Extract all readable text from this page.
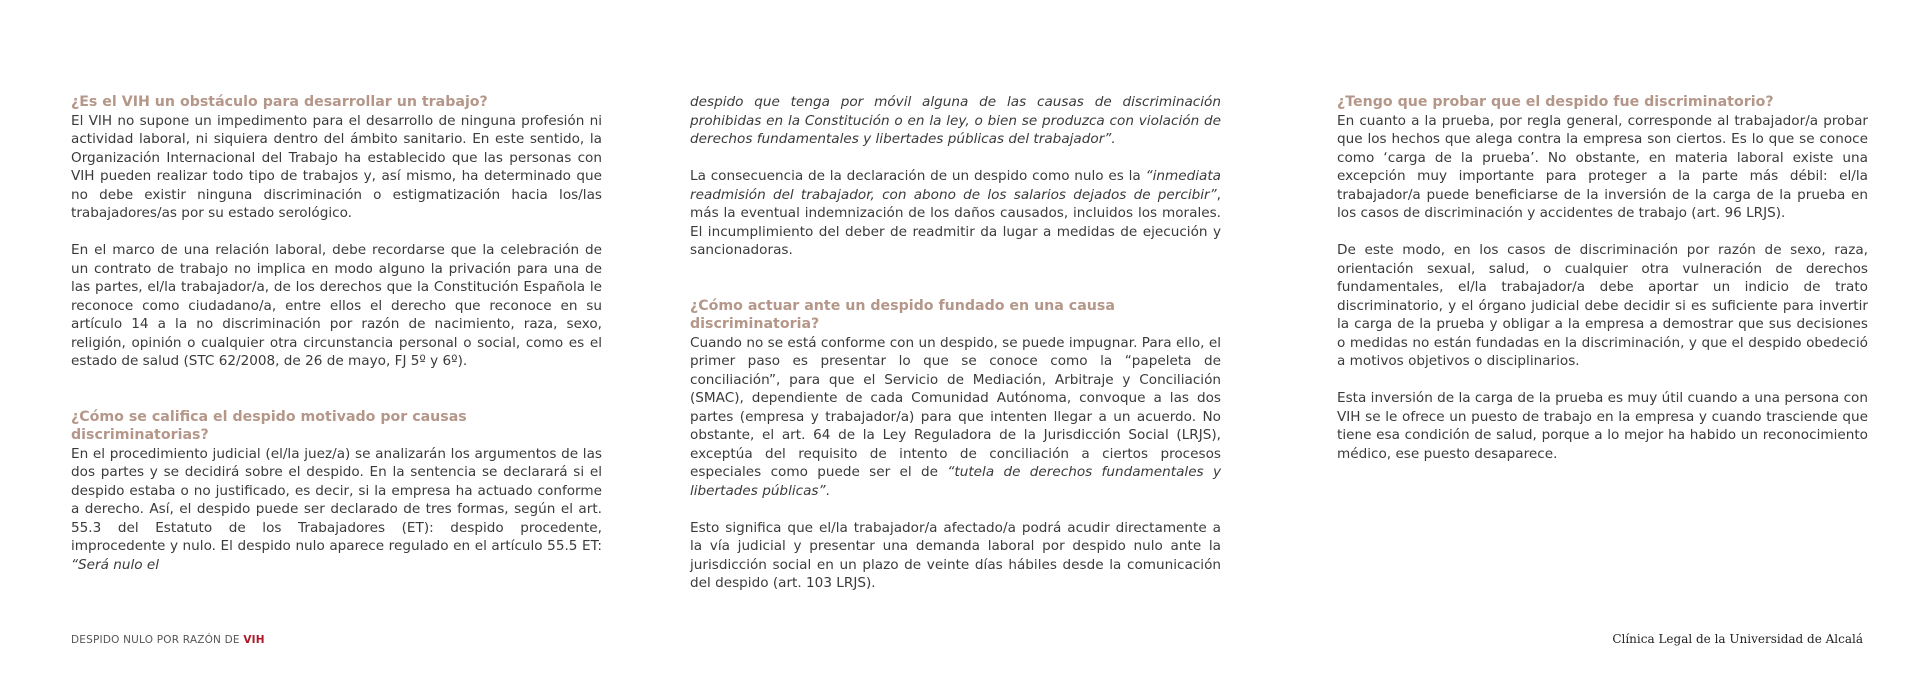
¿Es el VIH un obstáculo para desarrollar un trabajo?

El VIH no supone un impedimento para el desarrollo de ninguna profesión ni actividad laboral, ni siquiera dentro del ámbito sanitario. En este sentido, la Organización Internacional del Trabajo ha establecido que las personas con VIH pueden realizar todo tipo de trabajos y, así mismo, ha determinado que no debe existir ninguna discriminación o estigmatización hacia los/las trabajadores/as por su estado serológico.

En el marco de una relación laboral, debe recordarse que la celebración de un contrato de trabajo no implica en modo alguno la privación para una de las partes, el/la trabajador/a, de los derechos que la Constitución Española le reconoce como ciudadano/a, entre ellos el derecho que reconoce en su artículo 14 a la no discriminación por razón de nacimiento, raza, sexo, religión, opinión o cualquier otra circunstancia personal o social, como es el estado de salud (STC 62/2008, de 26 de mayo, FJ 5º y 6º).

¿Cómo se califica el despido motivado por causas discriminatorias?

En el procedimiento judicial (el/la juez/a) se analizarán los argumentos de las dos partes y se decidirá sobre el despido. En la sentencia se declarará si el despido estaba o no justificado, es decir, si la empresa ha actuado conforme a derecho. Así, el despido puede ser declarado de tres formas, según el art. 55.3 del Estatuto de los Trabajadores (ET): despido procedente, improcedente y nulo. El despido nulo aparece regulado en el artículo 55.5 ET: “Será nulo el

despido que tenga por móvil alguna de las causas de discriminación prohibidas en la Constitución o en la ley, o bien se produzca con violación de derechos fundamentales y libertades públicas del trabajador”.

La consecuencia de la declaración de un despido como nulo es la “inmediata readmisión del trabajador, con abono de los salarios dejados de percibir”, más la eventual indemnización de los daños causados, incluidos los morales. El incumplimiento del deber de readmitir da lugar a medidas de ejecución y sancionadoras.

¿Cómo actuar ante un despido fundado en una causa discriminatoria?

Cuando no se está conforme con un despido, se puede impugnar. Para ello, el primer paso es presentar lo que se conoce como la “papeleta de conciliación”, para que el Servicio de Mediación, Arbitraje y Conciliación (SMAC), dependiente de cada Comunidad Autónoma, convoque a las dos partes (empresa y trabajador/a) para que intenten llegar a un acuerdo. No obstante, el art. 64 de la Ley Reguladora de la Jurisdicción Social (LRJS), exceptúa del requisito de intento de conciliación a ciertos procesos especiales como puede ser el de “tutela de derechos fundamentales y libertades públicas”.

Esto significa que el/la trabajador/a afectado/a podrá acudir directamente a la vía judicial y presentar una demanda laboral por despido nulo ante la jurisdicción social en un plazo de veinte días hábiles desde la comunicación del despido (art. 103 LRJS).

¿Tengo que probar que el despido fue discriminatorio?

En cuanto a la prueba, por regla general, corresponde al trabajador/a probar que los hechos que alega contra la empresa son ciertos. Es lo que se conoce como ‘carga de la prueba’. No obstante, en materia laboral existe una excepción muy importante para proteger a la parte más débil: el/la trabajador/a puede beneficiarse de la inversión de la carga de la prueba en los casos de discriminación y accidentes de trabajo (art. 96 LRJS).

De este modo, en los casos de discriminación por razón de sexo, raza, orientación sexual, salud, o cualquier otra vulneración de derechos fundamentales, el/la trabajador/a debe aportar un indicio de trato discriminatorio, y el órgano judicial debe decidir si es suficiente para invertir la carga de la prueba y obligar a la empresa a demostrar que sus decisiones o medidas no están fundadas en la discriminación, y que el despido obedeció a motivos objetivos o disciplinarios.

Esta inversión de la carga de la prueba es muy útil cuando a una persona con VIH se le ofrece un puesto de trabajo en la empresa y cuando trasciende que tiene esa condición de salud, porque a lo mejor ha habido un reconocimiento médico, ese puesto desaparece.

DESPIDO NULO POR RAZÓN DE VIH	Clínica Legal de la Universidad de Alcalá
